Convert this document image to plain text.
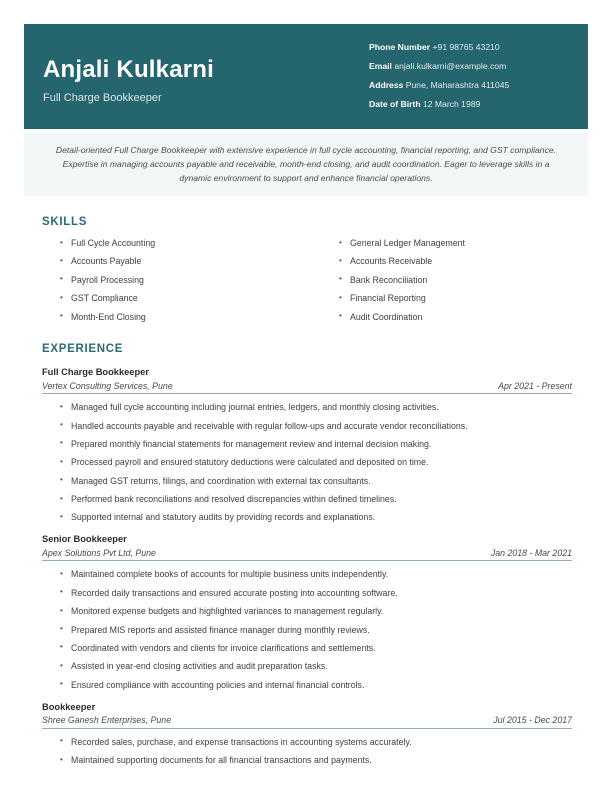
Anjali Kulkarni
Full Charge Bookkeeper
Phone Number +91 98765 43210
Email anjali.kulkarni@example.com
Address Pune, Maharashtra 411045
Date of Birth 12 March 1989

Detail-oriented Full Charge Bookkeeper with extensive experience in full cycle accounting, financial reporting, and GST compliance. Expertise in managing accounts payable and receivable, month-end closing, and audit coordination. Eager to leverage skills in a dynamic environment to support and enhance financial operations.

SKILLS
• Full Cycle Accounting
• Accounts Payable
• Payroll Processing
• GST Compliance
• Month-End Closing
• General Ledger Management
• Accounts Receivable
• Bank Reconciliation
• Financial Reporting
• Audit Coordination
EXPERIENCE
Full Charge Bookkeeper
Vertex Consulting Services, Pune	Apr 2021 - Present
• Managed full cycle accounting including journal entries, ledgers, and monthly closing activities.
• Handled accounts payable and receivable with regular follow-ups and accurate vendor reconciliations.
• Prepared monthly financial statements for management review and internal decision making.
• Processed payroll and ensured statutory deductions were calculated and deposited on time.
• Managed GST returns, filings, and coordination with external tax consultants.
• Performed bank reconciliations and resolved discrepancies within defined timelines.
• Supported internal and statutory audits by providing records and explanations.
Senior Bookkeeper
Apex Solutions Pvt Ltd, Pune	Jan 2018 - Mar 2021
• Maintained complete books of accounts for multiple business units independently.
• Recorded daily transactions and ensured accurate posting into accounting software.
• Monitored expense budgets and highlighted variances to management regularly.
• Prepared MIS reports and assisted finance manager during monthly reviews.
• Coordinated with vendors and clients for invoice clarifications and settlements.
• Assisted in year-end closing activities and audit preparation tasks.
• Ensured compliance with accounting policies and internal financial controls.
Bookkeeper
Shree Ganesh Enterprises, Pune	Jul 2015 - Dec 2017
• Recorded sales, purchase, and expense transactions in accounting systems accurately.
• Maintained supporting documents for all financial transactions and payments.
